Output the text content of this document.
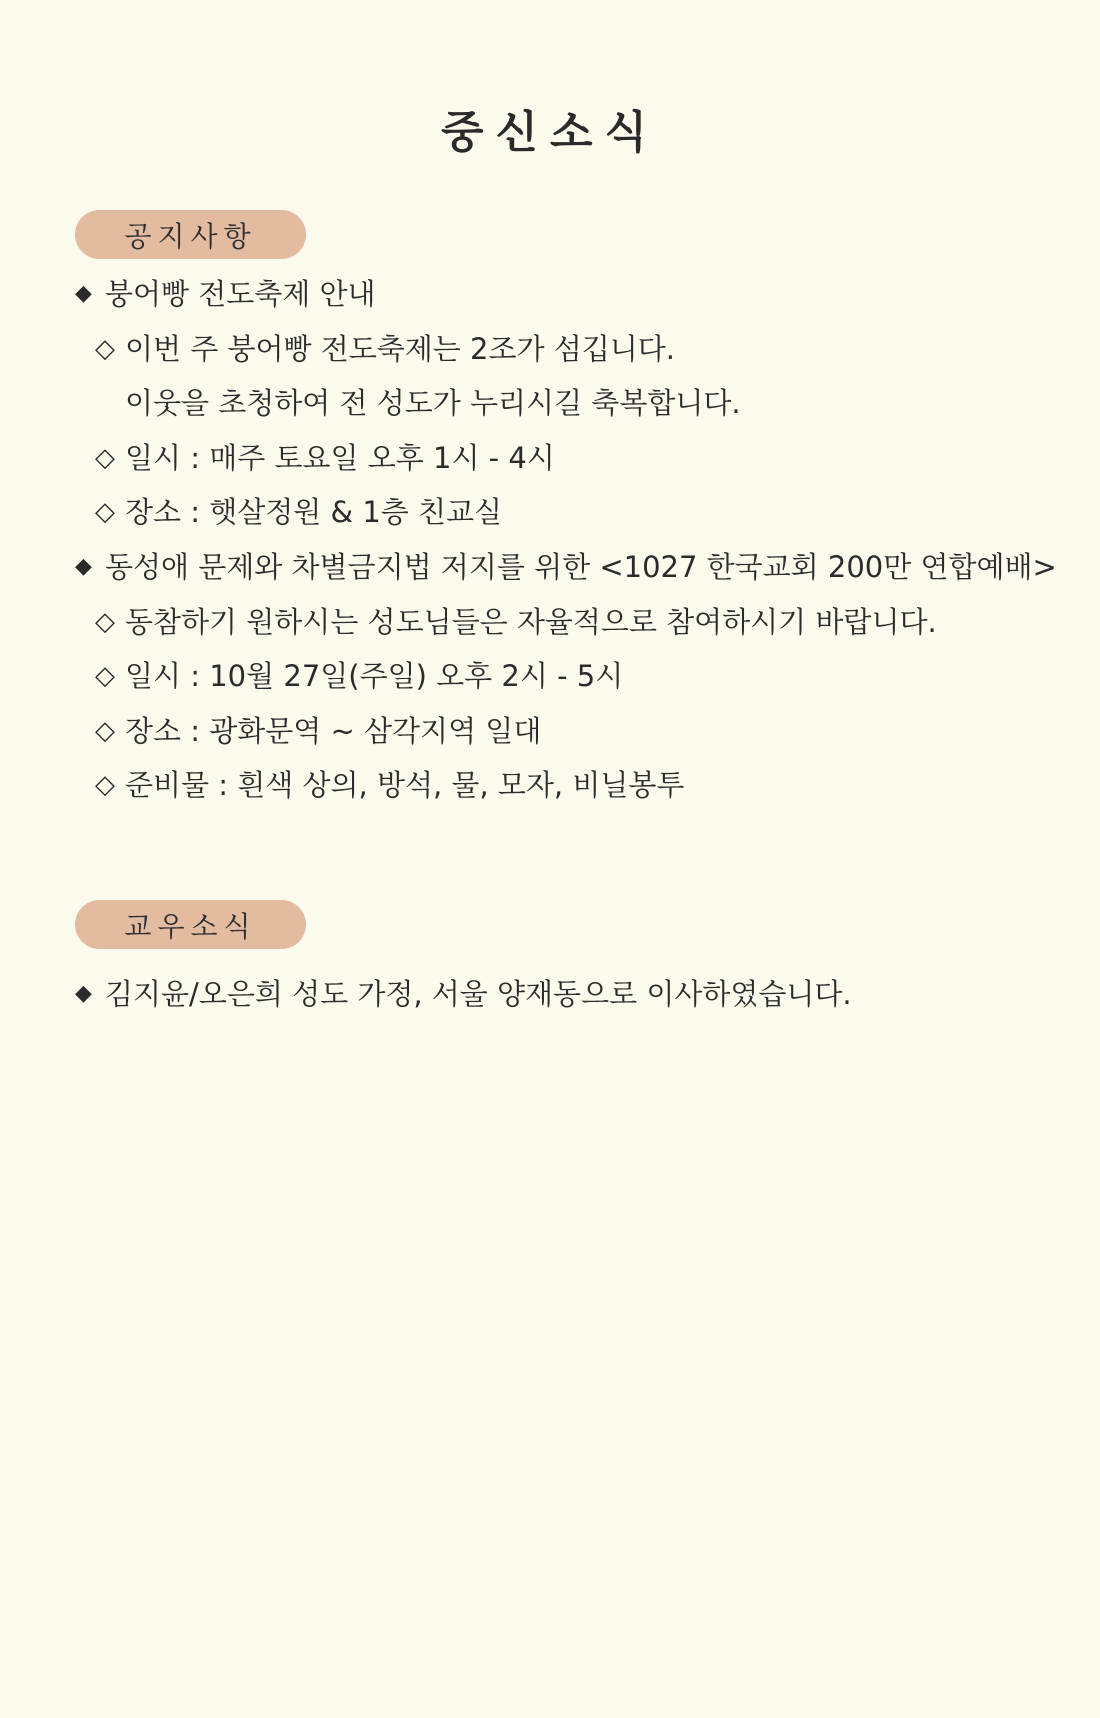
중신소식
공지사항
◆ 붕어빵 전도축제 안내
◇ 이번 주 붕어빵 전도축제는 2조가 섬깁니다.
이웃을 초청하여 전 성도가 누리시길 축복합니다.
◇ 일시 : 매주 토요일 오후 1시 - 4시
◇ 장소 : 햇살정원 & 1층 친교실
◆ 동성애 문제와 차별금지법 저지를 위한 <1027 한국교회 200만 연합예배>
◇ 동참하기 원하시는 성도님들은 자율적으로 참여하시기 바랍니다.
◇ 일시 : 10월 27일(주일) 오후 2시 - 5시
◇ 장소 : 광화문역 ~ 삼각지역 일대
◇ 준비물 : 흰색 상의, 방석, 물, 모자, 비닐봉투
교우소식
◆ 김지윤/오은희 성도 가정, 서울 양재동으로 이사하였습니다.
